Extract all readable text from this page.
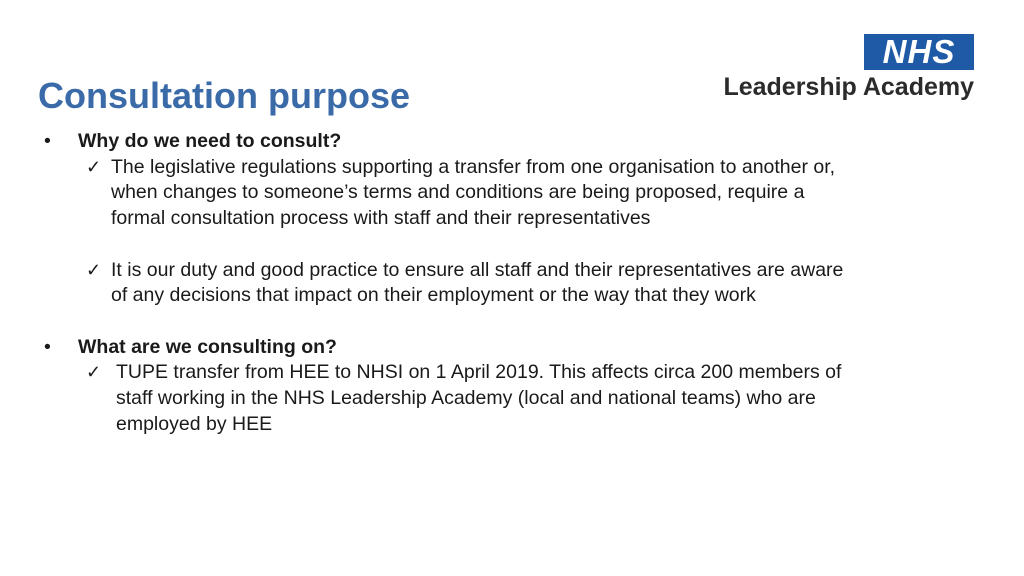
Consultation purpose
NHS
Leadership Academy
•	Why do we need to consult?
✓ The legislative regulations supporting a transfer from one organisation to another or, when changes to someone’s terms and conditions are being proposed, require a formal consultation process with staff and their representatives
✓ It is our duty and good practice to ensure all staff and their representatives are aware of any decisions that impact on their employment or the way that they work
•	What are we consulting on?
✓ TUPE transfer from HEE to NHSI on 1 April 2019. This affects circa 200 members of staff working in the NHS Leadership Academy (local and national teams) who are employed by HEE
